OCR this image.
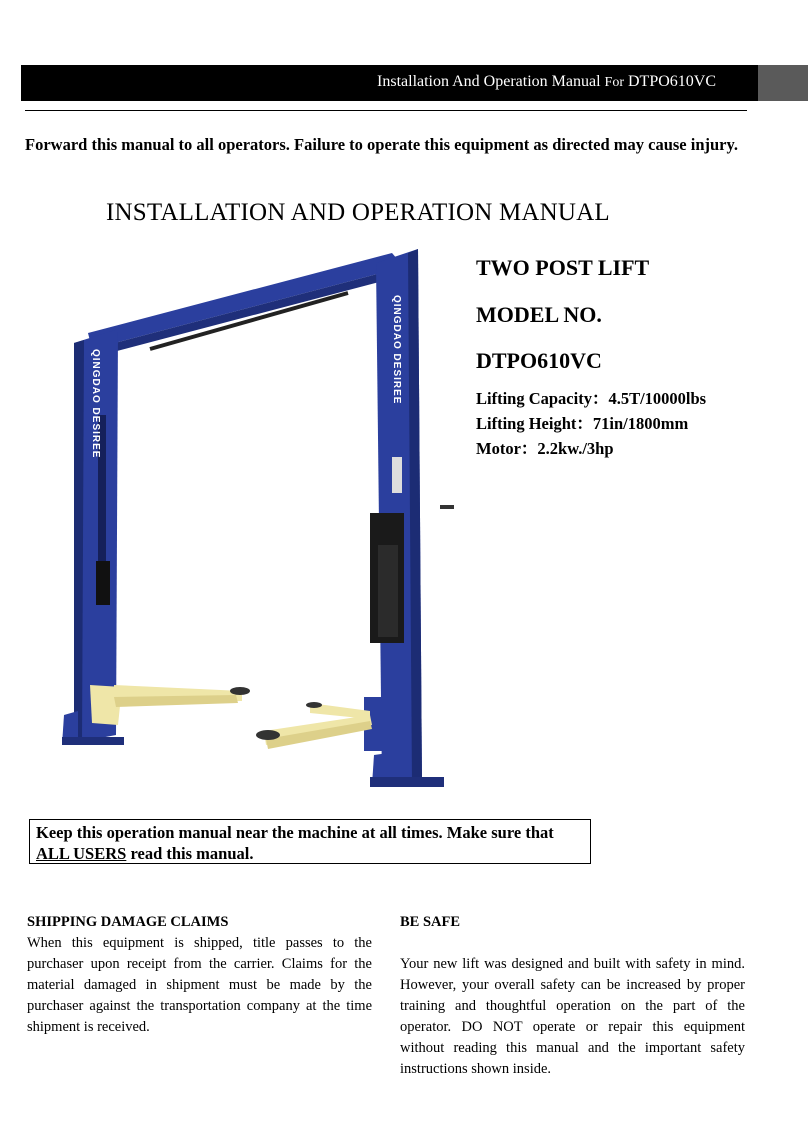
Installation And Operation Manual For DTPO610VC
Forward this manual to all operators. Failure to operate this equipment as directed may cause injury.
INSTALLATION AND OPERATION MANUAL
QINGDAO DESIREE	QINGDAO DESIREE
TWO POST LIFT
MODEL NO.
DTPO610VC
Lifting Capacity：4.5T/10000lbs
Lifting Height：71in/1800mm
Motor：2.2kw./3hp
Keep this operation manual near the machine at all times. Make sure that ALL USERS read this manual.
SHIPPING DAMAGE CLAIMS
When this equipment is shipped, title passes to the purchaser upon receipt from the carrier. Claims for the material damaged in shipment must be made by the purchaser against the transportation company at the time shipment is received.
BE SAFE
Your new lift was designed and built with safety in mind. However, your overall safety can be increased by proper training and thoughtful operation on the part of the operator. DO NOT operate or repair this equipment without reading this manual and the important safety instructions shown inside.
